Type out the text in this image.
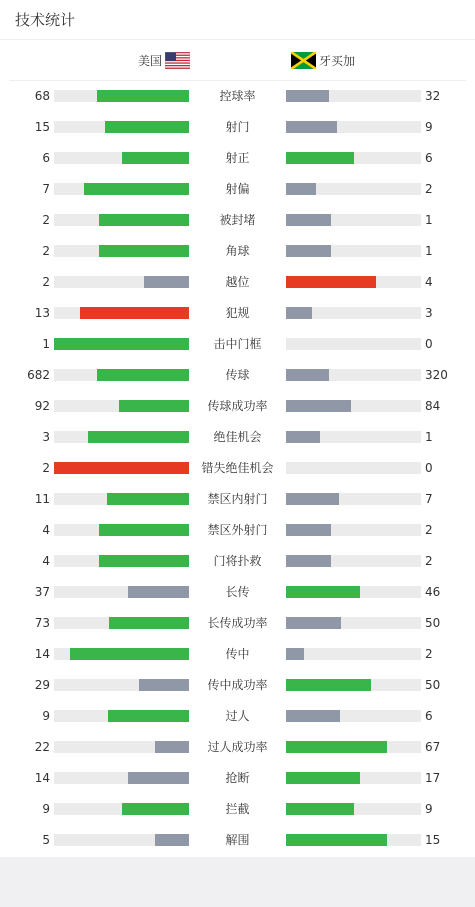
技术统计
美国	牙买加
68	控球率	32
15	射门	9
6	射正	6
7	射偏	2
2	被封堵	1
2	角球	1
2	越位	4
13	犯规	3
1	击中门框	0
682	传球	320
92	传球成功率	84
3	绝佳机会	1
2	错失绝佳机会	0
11	禁区内射门	7
4	禁区外射门	2
4	门将扑救	2
37	长传	46
73	长传成功率	50
14	传中	2
29	传中成功率	50
9	过人	6
22	过人成功率	67
14	抢断	17
9	拦截	9
5	解围	15
